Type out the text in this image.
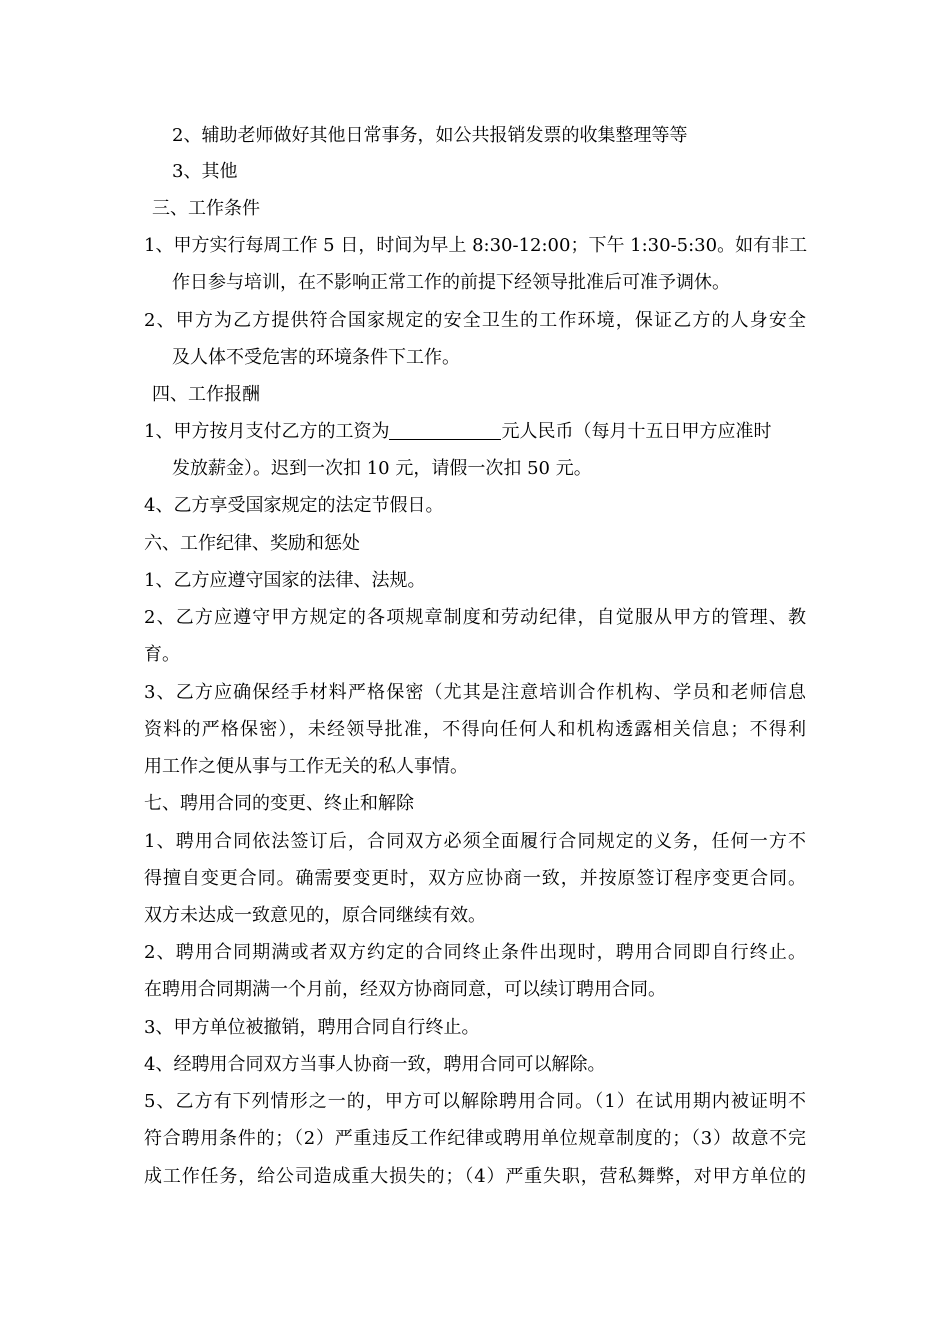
2、辅助老师做好其他日常事务，如公共报销发票的收集整理等等
3、其他
三、工作条件
1、甲方实行每周工作 5 日，时间为早上 8:30-12:00；下午 1:30-5:30。如有非工
作日参与培训，在不影响正常工作的前提下经领导批准后可准予调休。
2、甲方为乙方提供符合国家规定的安全卫生的工作环境，保证乙方的人身安全
及人体不受危害的环境条件下工作。
四、工作报酬
1、甲方按月支付乙方的工资为	元人民币（每月十五日甲方应准时
发放薪金）。迟到一次扣 10 元，请假一次扣 50 元。
4、乙方享受国家规定的法定节假日。
六、工作纪律、奖励和惩处
1、乙方应遵守国家的法律、法规。
2、乙方应遵守甲方规定的各项规章制度和劳动纪律，自觉服从甲方的管理、教
育。
3、乙方应确保经手材料严格保密（尤其是注意培训合作机构、学员和老师信息
资料的严格保密），未经领导批准，不得向任何人和机构透露相关信息；不得利
用工作之便从事与工作无关的私人事情。
七、聘用合同的变更、终止和解除
1、聘用合同依法签订后，合同双方必须全面履行合同规定的义务，任何一方不
得擅自变更合同。确需要变更时，双方应协商一致，并按原签订程序变更合同。
双方未达成一致意见的，原合同继续有效。
2、聘用合同期满或者双方约定的合同终止条件出现时，聘用合同即自行终止。
在聘用合同期满一个月前，经双方协商同意，可以续订聘用合同。
3、甲方单位被撤销，聘用合同自行终止。
4、经聘用合同双方当事人协商一致，聘用合同可以解除。
5、乙方有下列情形之一的，甲方可以解除聘用合同。（1）在试用期内被证明不
符合聘用条件的；（2）严重违反工作纪律或聘用单位规章制度的；（3）故意不完
成工作任务，给公司造成重大损失的；（4）严重失职，营私舞弊，对甲方单位的
